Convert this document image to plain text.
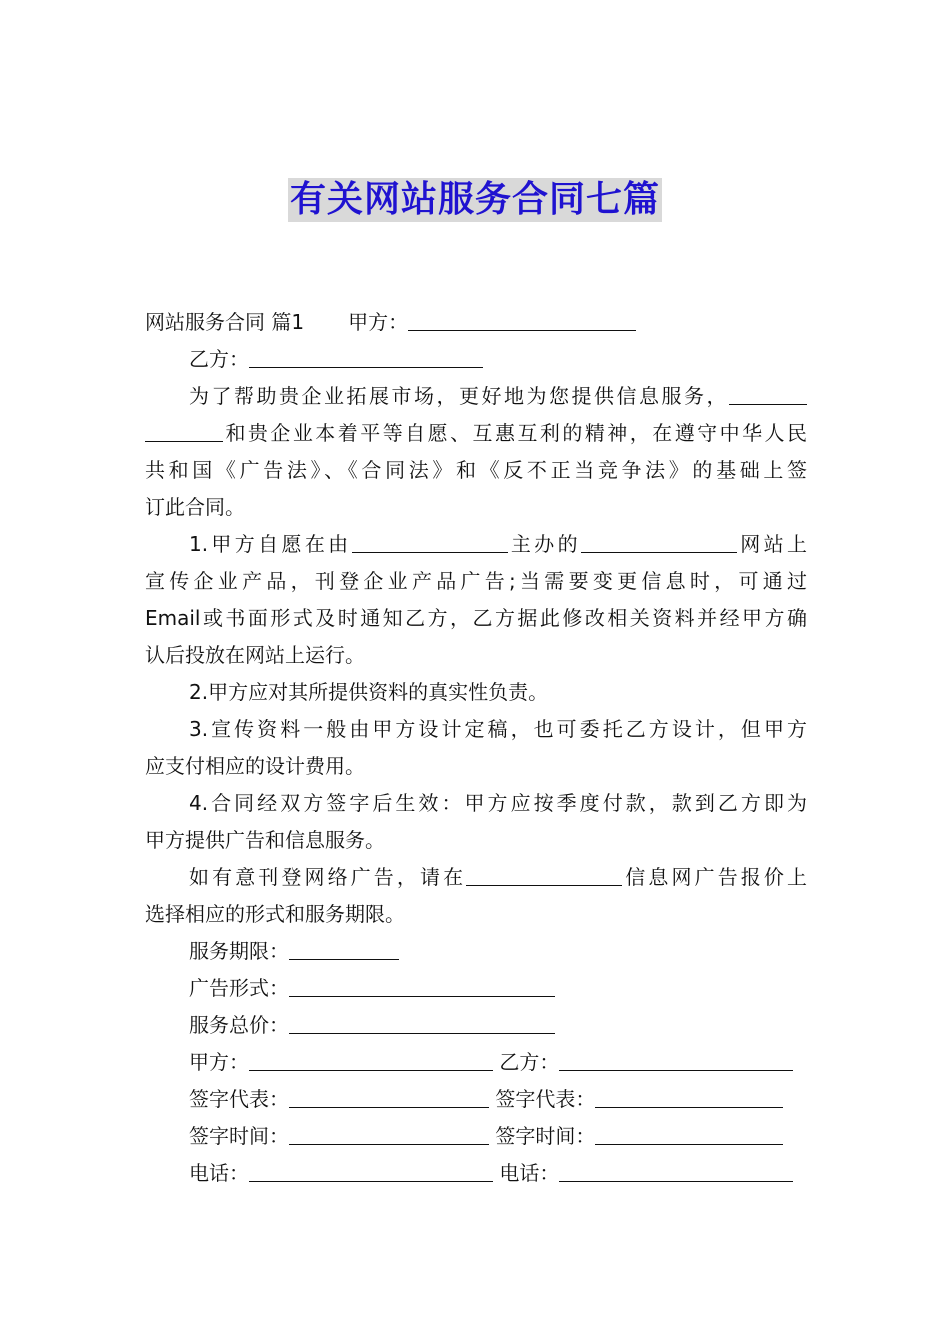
有关网站服务合同七篇
网站服务合同 篇1 甲方：
乙方：
为了帮助贵企业拓展市场，更好地为您提供信息服务，
和贵企业本着平等自愿、互惠互利的精神，在遵守中华人民
共和国《广告法》、《合同法》和《反不正当竞争法》的基础上签
订此合同。
1.甲方自愿在由	主办的	网站上
宣传企业产品，刊登企业产品广告;当需要变更信息时，可通过
Email或书面形式及时通知乙方，乙方据此修改相关资料并经甲方确
认后投放在网站上运行。
2.甲方应对其所提供资料的真实性负责。
3.宣传资料一般由甲方设计定稿，也可委托乙方设计，但甲方
应支付相应的设计费用。
4.合同经双方签字后生效：甲方应按季度付款，款到乙方即为
甲方提供广告和信息服务。
如有意刊登网络广告，请在	信息网广告报价上
选择相应的形式和服务期限。
服务期限：
广告形式：
服务总价：
甲方：	乙方：
签字代表：	签字代表：
签字时间：	签字时间：
电话：	电话：
